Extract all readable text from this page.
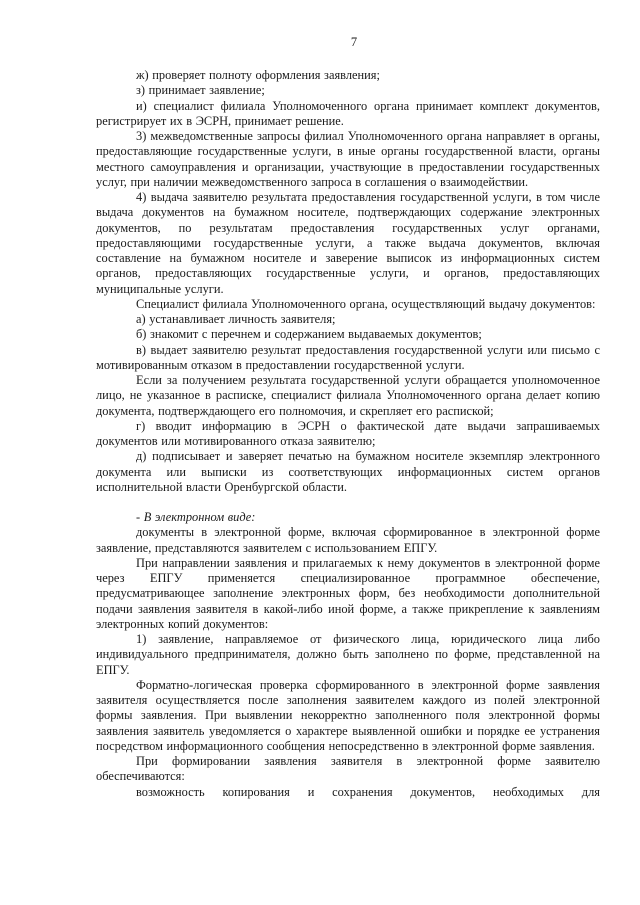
7

ж) проверяет полноту оформления заявления;

з) принимает заявление;

и) специалист филиала Уполномоченного органа принимает комплект документов, регистрирует их в ЭСРН, принимает решение.

3) межведомственные запросы филиал Уполномоченного органа направляет в органы, предоставляющие государственные услуги, в иные органы государственной власти, органы местного самоуправления и организации, участвующие в предоставлении государственных услуг, при наличии межведомственного запроса в соглашения о взаимодействии.

4) выдача заявителю результата предоставления государственной услуги, в том числе выдача документов на бумажном носителе, подтверждающих содержание электронных документов, по результатам предоставления государственных услуг органами, предоставляющими государственные услуги, а также выдача документов, включая составление на бумажном носителе и заверение выписок из информационных систем органов, предоставляющих государственные услуги, и органов, предоставляющих муниципальные услуги.

Специалист филиала Уполномоченного органа, осуществляющий выдачу документов:

а) устанавливает личность заявителя;

б) знакомит с перечнем и содержанием выдаваемых документов;

в) выдает заявителю результат предоставления государственной услуги или письмо с мотивированным отказом в предоставлении государственной услуги.

Если за получением результата государственной услуги обращается уполномоченное лицо, не указанное в расписке, специалист филиала Уполномоченного органа делает копию документа, подтверждающего его полномочия, и скрепляет его распиской;

г) вводит информацию в ЭСРН о фактической дате выдачи запрашиваемых документов или мотивированного отказа заявителю;

д) подписывает и заверяет печатью на бумажном носителе экземпляр электронного документа или выписки из соответствующих информационных систем органов исполнительной власти Оренбургской области.

- В электронном виде:

документы в электронной форме, включая сформированное в электронной форме заявление, представляются заявителем с использованием ЕПГУ.

При направлении заявления и прилагаемых к нему документов в электронной форме через ЕПГУ применяется специализированное программное обеспечение, предусматривающее заполнение электронных форм, без необходимости дополнительной подачи заявления заявителя в какой-либо иной форме, а также прикрепление к заявлениям электронных копий документов:

1) заявление, направляемое от физического лица, юридического лица либо индивидуального предпринимателя, должно быть заполнено по форме, представленной на ЕПГУ.

Форматно-логическая проверка сформированного в электронной форме заявления заявителя осуществляется после заполнения заявителем каждого из полей электронной формы заявления. При выявлении некорректно заполненного поля электронной формы заявления заявитель уведомляется о характере выявленной ошибки и порядке ее устранения посредством информационного сообщения непосредственно в электронной форме заявления.

При формировании заявления заявителя в электронной форме заявителю обеспечиваются:

возможность копирования и сохранения документов, необходимых для
